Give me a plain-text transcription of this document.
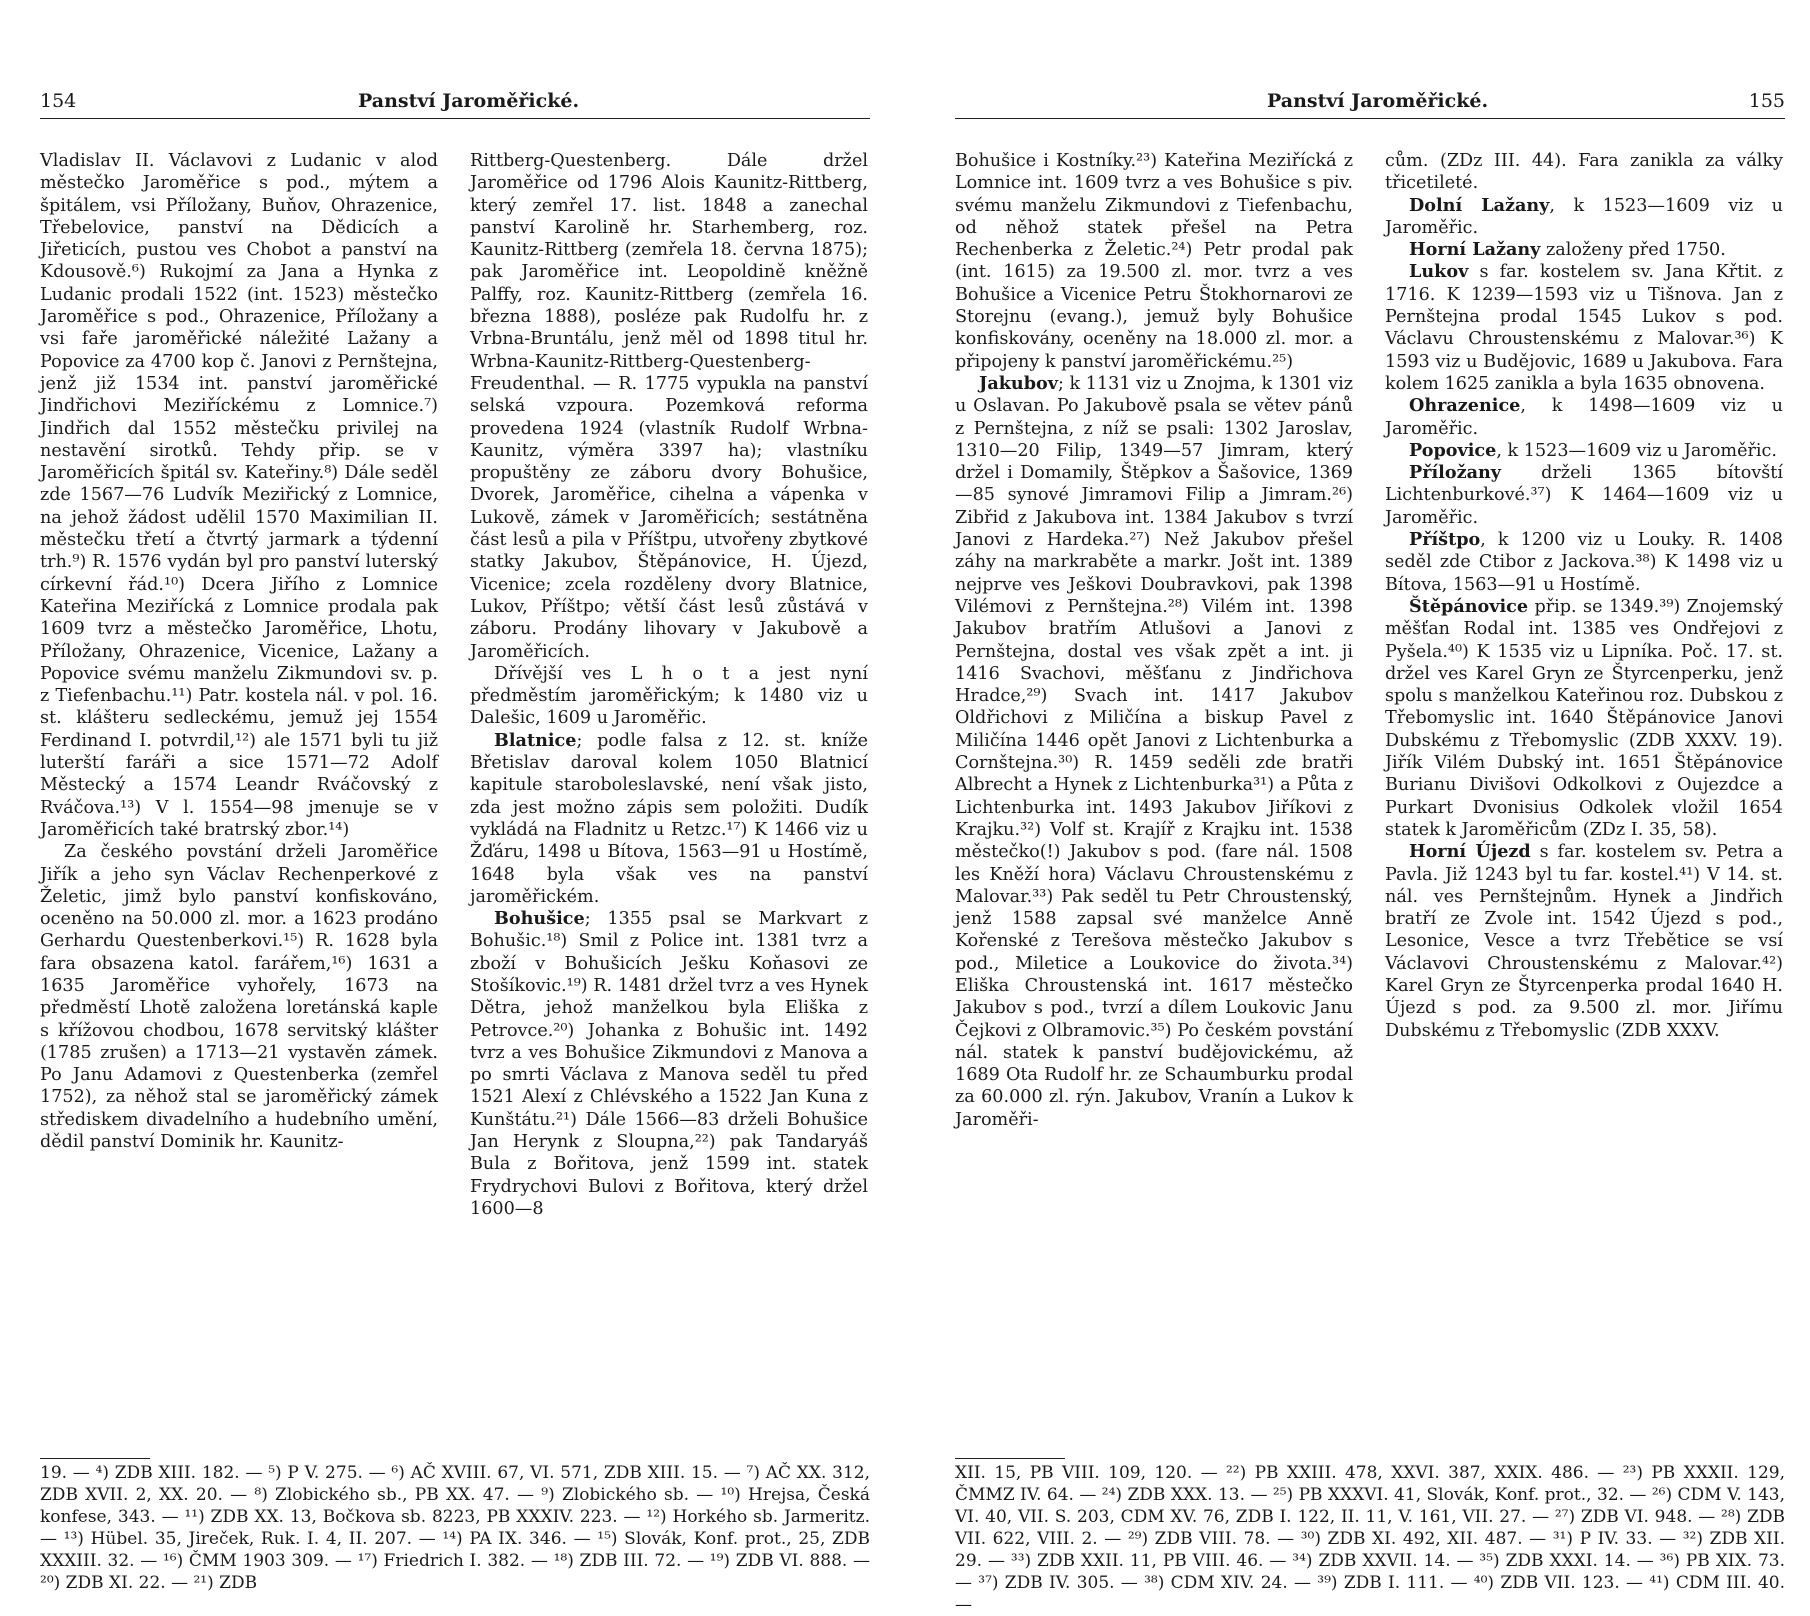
154	Panství Jaroměřické.

Vladislav II. Václavovi z Ludanic v alod městečko Jaroměřice s pod., mýtem a špitálem, vsi Příložany, Buňov, Ohrazenice, Třebelovice, panství na Dědicích a Jiřeticích, pustou ves Chobot a panství na Kdousově.⁶) Rukojmí za Jana a Hynka z Ludanic prodali 1522 (int. 1523) městečko Jaroměřice s pod., Ohrazenice, Příložany a vsi faře jaroměřické náležité Lažany a Popovice za 4700 kop č. Janovi z Pernštejna, jenž již 1534 int. panství jaroměřické Jindřichovi Meziříckému z Lomnice.⁷) Jindřich dal 1552 městečku privilej na nestavění sirotků. Tehdy přip. se v Jaroměřicích špitál sv. Kateřiny.⁸) Dále seděl zde 1567—76 Ludvík Meziřický z Lomnice, na jehož žádost udělil 1570 Maximilian II. městečku třetí a čtvrtý jarmark a týdenní trh.⁹) R. 1576 vydán byl pro panství luterský církevní řád.¹⁰) Dcera Jiřího z Lomnice Kateřina Meziřícká z Lomnice prodala pak 1609 tvrz a městečko Jaroměřice, Lhotu, Příložany, Ohrazenice, Vicenice, Lažany a Popovice svému manželu Zikmundovi sv. p. z Tiefenbachu.¹¹) Patr. kostela nál. v pol. 16. st. klášteru sedleckému, jemuž jej 1554 Ferdinand I. potvrdil,¹²) ale 1571 byli tu již luterští faráři a sice 1571—72 Adolf Městecký a 1574 Leandr Rváčovský z Rváčova.¹³) V l. 1554—98 jmenuje se v Jaroměřicích také bratrský zbor.¹⁴)

Za českého povstání drželi Jaroměřice Jiřík a jeho syn Václav Rechenperkové z Želetic, jimž bylo panství konfiskováno, oceněno na 50.000 zl. mor. a 1623 prodáno Gerhardu Questenberkovi.¹⁵) R. 1628 byla fara obsazena katol. farářem,¹⁶) 1631 a 1635 Jaroměřice vyhořely, 1673 na předměstí Lhotě založena loretánská kaple s křížovou chodbou, 1678 servitský klášter (1785 zrušen) a 1713—21 vystavěn zámek. Po Janu Adamovi z Questenberka (zemřel 1752), za něhož stal se jaroměřický zámek střediskem divadelního a hudebního umění, dědil panství Dominik hr. Kaunitz-

Rittberg-Questenberg. Dále držel Jaroměřice od 1796 Alois Kaunitz-Rittberg, který zemřel 17. list. 1848 a zanechal panství Karolině hr. Starhemberg, roz. Kaunitz-Rittberg (zemřela 18. června 1875); pak Jaroměřice int. Leopoldině kněžně Palffy, roz. Kaunitz-Rittberg (zemřela 16. března 1888), posléze pak Rudolfu hr. z Vrbna-Bruntálu, jenž měl od 1898 titul hr. Wrbna-Kaunitz-Rittberg-Questenberg-Freudenthal. — R. 1775 vypukla na panství selská vzpoura. Pozemková reforma provedena 1924 (vlastník Rudolf Wrbna-Kaunitz, výměra 3397 ha); vlastníku propuštěny ze záboru dvory Bohušice, Dvorek, Jaroměřice, cihelna a vápenka v Lukově, zámek v Jaroměřicích; sestátněna část lesů a pila v Příštpu, utvořeny zbytkové statky Jakubov, Štěpánovice, H. Újezd, Vicenice; zcela rozděleny dvory Blatnice, Lukov, Příštpo; větší část lesů zůstává v záboru. Prodány lihovary v Jakubově a Jaroměřicích.

Dřívější ves L h o t a jest nyní předměstím jaroměřickým; k 1480 viz u Dalešic, 1609 u Jaroměřic.

Blatnice; podle falsa z 12. st. kníže Břetislav daroval kolem 1050 Blatnicí kapitule staroboleslavské, není však jisto, zda jest možno zápis sem položiti. Dudík vykládá na Fladnitz u Retzc.¹⁷) K 1466 viz u Žďáru, 1498 u Bítova, 1563—91 u Hostímě, 1648 byla však ves na panství jaroměřickém.

Bohušice; 1355 psal se Markvart z Bohušic.¹⁸) Smil z Police int. 1381 tvrz a zboží v Bohušicích Ješku Koňasovi ze Stošíkovic.¹⁹) R. 1481 držel tvrz a ves Hynek Dětra, jehož manželkou byla Eliška z Petrovce.²⁰) Johanka z Bohušic int. 1492 tvrz a ves Bohušice Zikmundovi z Manova a po smrti Václava z Manova seděl tu před 1521 Alexí z Chlévského a 1522 Jan Kuna z Kunštátu.²¹) Dále 1566—83 drželi Bohušice Jan Herynk z Sloupna,²²) pak Tandaryáš Bula z Bořitova, jenž 1599 int. statek Frydrychovi Bulovi z Bořitova, který držel 1600—8

19. — ⁴) ZDB XIII. 182. — ⁵) P V. 275. — ⁶) AČ XVIII. 67, VI. 571, ZDB XIII. 15. — ⁷) AČ XX. 312, ZDB XVII. 2, XX. 20. — ⁸) Zlobického sb., PB XX. 47. — ⁹) Zlobického sb. — ¹⁰) Hrejsa, Česká konfese, 343. — ¹¹) ZDB XX. 13, Bočkova sb. 8223, PB XXXIV. 223. — ¹²) Horkého sb. Jarmeritz. — ¹³) Hübel. 35, Jireček, Ruk. I. 4, II. 207. — ¹⁴) PA IX. 346. — ¹⁵) Slovák, Konf. prot., 25, ZDB XXXIII. 32. — ¹⁶) ČMM 1903 309. — ¹⁷) Friedrich I. 382. — ¹⁸) ZDB III. 72. — ¹⁹) ZDB VI. 888. — ²⁰) ZDB XI. 22. — ²¹) ZDB
Panství Jaroměřické.	155

Bohušice i Kostníky.²³) Kateřina Meziřícká z Lomnice int. 1609 tvrz a ves Bohušice s piv. svému manželu Zikmundovi z Tiefenbachu, od něhož statek přešel na Petra Rechenberka z Želetic.²⁴) Petr prodal pak (int. 1615) za 19.500 zl. mor. tvrz a ves Bohušice a Vicenice Petru Štokhornarovi ze Storejnu (evang.), jemuž byly Bohušice konfiskovány, oceněny na 18.000 zl. mor. a připojeny k panství jaroměřickému.²⁵)

Jakubov; k 1131 viz u Znojma, k 1301 viz u Oslavan. Po Jakubově psala se větev pánů z Pernštejna, z níž se psali: 1302 Jaroslav, 1310—20 Filip, 1349—57 Jimram, který držel i Domamily, Štěpkov a Šašovice, 1369—85 synové Jimramovi Filip a Jimram.²⁶) Zibřid z Jakubova int. 1384 Jakubov s tvrzí Janovi z Hardeka.²⁷) Než Jakubov přešel záhy na markraběte a markr. Jošt int. 1389 nejprve ves Ješkovi Doubravkovi, pak 1398 Vilémovi z Pernštejna.²⁸) Vilém int. 1398 Jakubov bratřím Atlušovi a Janovi z Pernštejna, dostal ves však zpět a int. ji 1416 Svachovi, měšťanu z Jindřichova Hradce,²⁹) Svach int. 1417 Jakubov Oldřichovi z Miličína a biskup Pavel z Miličína 1446 opět Janovi z Lichtenburka a Cornštejna.³⁰) R. 1459 seděli zde bratři Albrecht a Hynek z Lichtenburka³¹) a Půta z Lichtenburka int. 1493 Jakubov Jiříkovi z Krajku.³²) Volf st. Krajíř z Krajku int. 1538 městečko(!) Jakubov s pod. (fare nál. 1508 les Kněží hora) Václavu Chroustenskému z Malovar.³³) Pak seděl tu Petr Chroustenský, jenž 1588 zapsal své manželce Anně Kořenské z Terešova městečko Jakubov s pod., Miletice a Loukovice do života.³⁴) Eliška Chroustenská int. 1617 městečko Jakubov s pod., tvrzí a dílem Loukovic Janu Čejkovi z Olbramovic.³⁵) Po českém povstání nál. statek k panství budějovickému, až 1689 Ota Rudolf hr. ze Schaumburku prodal za 60.000 zl. rýn. Jakubov, Vranín a Lukov k Jaroměři-

cům. (ZDz III. 44). Fara zanikla za války třicetileté.

Dolní Lažany, k 1523—1609 viz u Jaroměřic.

Horní Lažany založeny před 1750.

Lukov s far. kostelem sv. Jana Křtit. z 1716. K 1239—1593 viz u Tišnova. Jan z Pernštejna prodal 1545 Lukov s pod. Václavu Chroustenskému z Malovar.³⁶) K 1593 viz u Budějovic, 1689 u Jakubova. Fara kolem 1625 zanikla a byla 1635 obnovena.

Ohrazenice, k 1498—1609 viz u Jaroměřic.

Popovice, k 1523—1609 viz u Jaroměřic.

Příložany drželi 1365 bítovští Lichtenburkové.³⁷) K 1464—1609 viz u Jaroměřic.

Příštpo, k 1200 viz u Louky. R. 1408 seděl zde Ctibor z Jackova.³⁸) K 1498 viz u Bítova, 1563—91 u Hostímě.

Štěpánovice přip. se 1349.³⁹) Znojemský měšťan Rodal int. 1385 ves Ondřejovi z Pyšela.⁴⁰) K 1535 viz u Lipníka. Poč. 17. st. držel ves Karel Gryn ze Štyrcenperku, jenž spolu s manželkou Kateřinou roz. Dubskou z Třebomyslic int. 1640 Štěpánovice Janovi Dubskému z Třebomyslic (ZDB XXXV. 19). Jiřík Vilém Dubský int. 1651 Štěpánovice Burianu Divišovi Odkolkovi z Oujezdce a Purkart Dvonisius Odkolek vložil 1654 statek k Jaroměřicům (ZDz I. 35, 58).

Horní Újezd s far. kostelem sv. Petra a Pavla. Již 1243 byl tu far. kostel.⁴¹) V 14. st. nál. ves Pernštejnům. Hynek a Jindřich bratří ze Zvole int. 1542 Újezd s pod., Lesonice, Vesce a tvrz Třebětice se vsí Václavovi Chroustenskému z Malovar.⁴²) Karel Gryn ze Štyrcenperka prodal 1640 H. Újezd s pod. za 9.500 zl. mor. Jiřímu Dubskému z Třebomyslic (ZDB XXXV.

XII. 15, PB VIII. 109, 120. — ²²) PB XXIII. 478, XXVI. 387, XXIX. 486. — ²³) PB XXXII. 129, ČMMZ IV. 64. — ²⁴) ZDB XXX. 13. — ²⁵) PB XXXVI. 41, Slovák, Konf. prot., 32. — ²⁶) CDM V. 143, VI. 40, VII. S. 203, CDM XV. 76, ZDB I. 122, II. 11, V. 161, VII. 27. — ²⁷) ZDB VI. 948. — ²⁸) ZDB VII. 622, VIII. 2. — ²⁹) ZDB VIII. 78. — ³⁰) ZDB XI. 492, XII. 487. — ³¹) P IV. 33. — ³²) ZDB XII. 29. — ³³) ZDB XXII. 11, PB VIII. 46. — ³⁴) ZDB XXVII. 14. — ³⁵) ZDB XXXI. 14. — ³⁶) PB XIX. 73. — ³⁷) ZDB IV. 305. — ³⁸) CDM XIV. 24. — ³⁹) ZDB I. 111. — ⁴⁰) ZDB VII. 123. — ⁴¹) CDM III. 40. —
